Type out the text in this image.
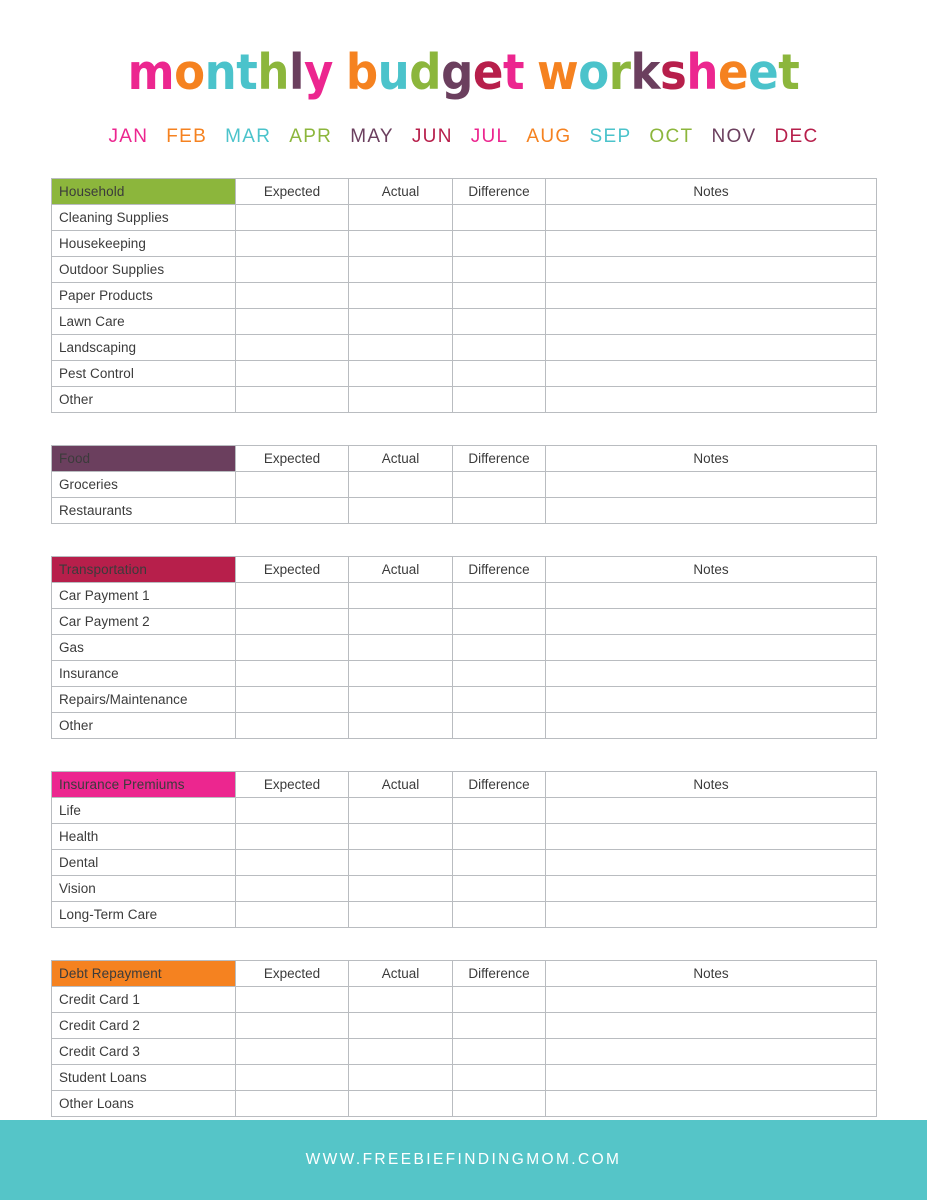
monthly budget worksheet
JAN FEB MAR APR MAY JUN JUL AUG SEP OCT NOV DEC
Household	Expected	Actual	Difference	Notes
Cleaning Supplies				
Housekeeping				
Outdoor Supplies				
Paper Products				
Lawn Care				
Landscaping				
Pest Control				
Other				
Food	Expected	Actual	Difference	Notes
Groceries				
Restaurants				
Transportation	Expected	Actual	Difference	Notes
Car Payment 1				
Car Payment 2				
Gas				
Insurance				
Repairs/Maintenance				
Other				
Insurance Premiums	Expected	Actual	Difference	Notes
Life				
Health				
Dental				
Vision				
Long-Term Care				
Debt Repayment	Expected	Actual	Difference	Notes
Credit Card 1				
Credit Card 2				
Credit Card 3				
Student Loans				
Other Loans				
WWW.FREEBIEFINDINGMOM.COM
